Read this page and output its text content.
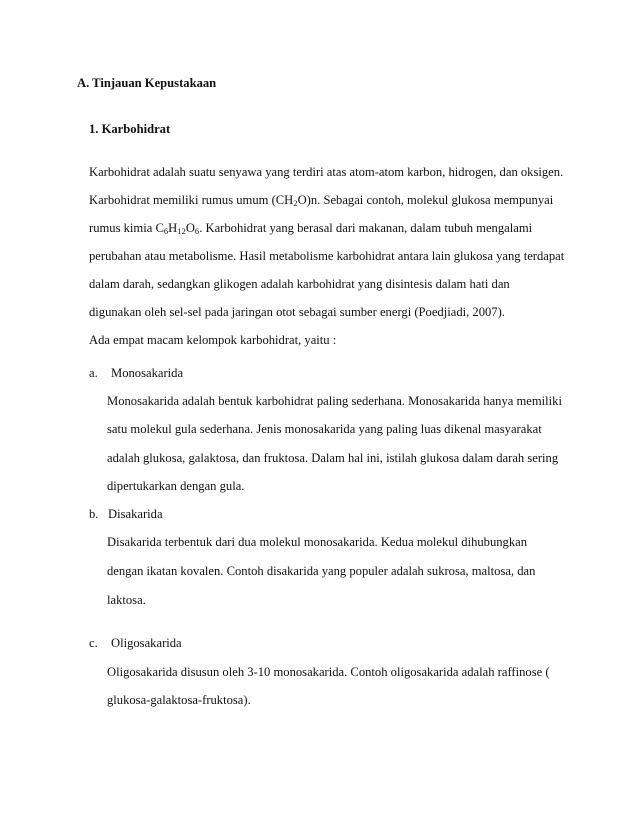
A. Tinjauan Kepustakaan
1. Karbohidrat
Karbohidrat adalah suatu senyawa yang terdiri atas atom-atom karbon, hidrogen, dan oksigen.
Karbohidrat memiliki rumus umum $(CH_2O)n$. Sebagai contoh, molekul glukosa mempunyai
rumus kimia $C_6H_{12}O_6$. Karbohidrat yang berasal dari makanan, dalam tubuh mengalami
perubahan atau metabolisme. Hasil metabolisme karbohidrat antara lain glukosa yang terdapat
dalam darah, sedangkan glikogen adalah karbohidrat yang disintesis dalam hati dan
digunakan oleh sel-sel pada jaringan otot sebagai sumber energi (Poedjiadi, 2007).
Ada empat macam kelompok karbohidrat, yaitu :
a. Monosakarida
Monosakarida adalah bentuk karbohidrat paling sederhana. Monosakarida hanya memiliki
satu molekul gula sederhana. Jenis monosakarida yang paling luas dikenal masyarakat
adalah glukosa, galaktosa, dan fruktosa. Dalam hal ini, istilah glukosa dalam darah sering
dipertukarkan dengan gula.
b. Disakarida
Disakarida terbentuk dari dua molekul monosakarida. Kedua molekul dihubungkan
dengan ikatan kovalen. Contoh disakarida yang populer adalah sukrosa, maltosa, dan
laktosa.
c. Oligosakarida
Oligosakarida disusun oleh 3-10 monosakarida. Contoh oligosakarida adalah raffinose (
glukosa-galaktosa-fruktosa).
